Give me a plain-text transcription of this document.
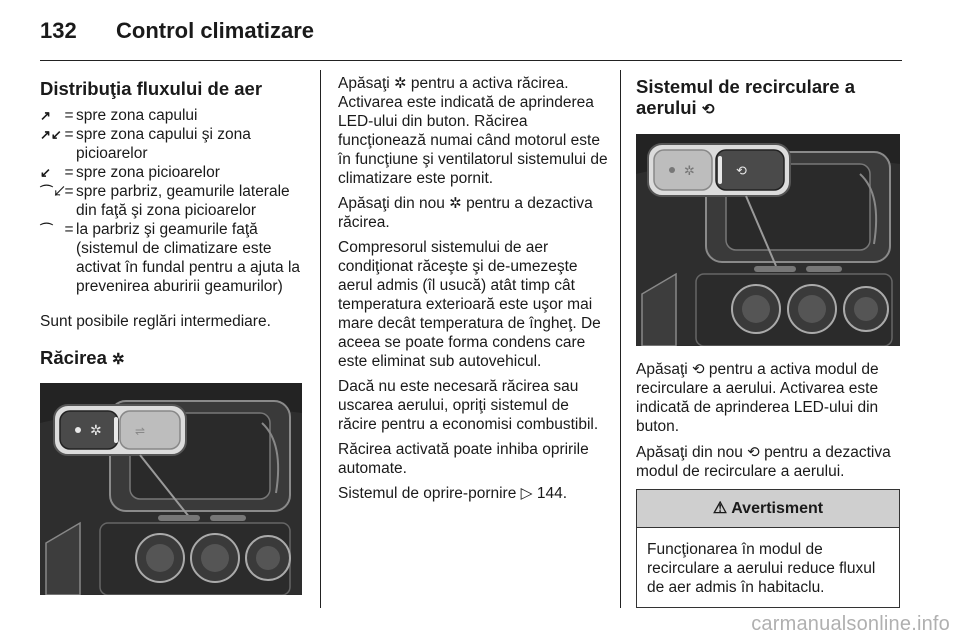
132 Control climatizare
Distribuţia fluxului de aer
↗ = spre zona capului
↗↙ = spre zona capului şi zona picioarelor
↙ = spre zona picioarelor
⌒↙
= spre parbriz, geamurile laterale din faţă şi zona picioarelor
⌒ = la parbriz şi geamurile faţă (sistemul de climatizare este activat în fundal pentru a ajuta la prevenirea aburirii geamurilor)

Sunt posibile reglări intermediare.

Răcirea ✲
✲	⇌

Apăsaţi ✲ pentru a activa răcirea. Activarea este indicată de aprinderea LED-ului din buton. Răcirea funcţionează numai când motorul este în funcţiune şi ventilatorul sistemului de climatizare este pornit.

Apăsaţi din nou ✲ pentru a dezactiva răcirea.

Compresorul sistemului de aer condiţionat răceşte şi de-umezeşte aerul admis (îl usucă) atât timp cât temperatura exterioară este uşor mai mare decât temperatura de îngheţ. De aceea se poate forma condens care este eliminat sub autovehicul.

Dacă nu este necesară răcirea sau uscarea aerului, opriţi sistemul de răcire pentru a economisi combustibil.

Răcirea activată poate inhiba opririle automate.

Sistemul de oprire-pornire ▷ 144.

Sistemul de recirculare a aerului ⟲
✲	⟲

Apăsaţi ⟲ pentru a activa modul de recirculare a aerului. Activarea este indicată de aprinderea LED-ului din buton.

Apăsaţi din nou ⟲ pentru a dezactiva modul de recirculare a aerului.

⚠ Avertisment
Funcţionarea în modul de recirculare a aerului reduce fluxul de aer admis în habitaclu.
carmanualsonline.info
